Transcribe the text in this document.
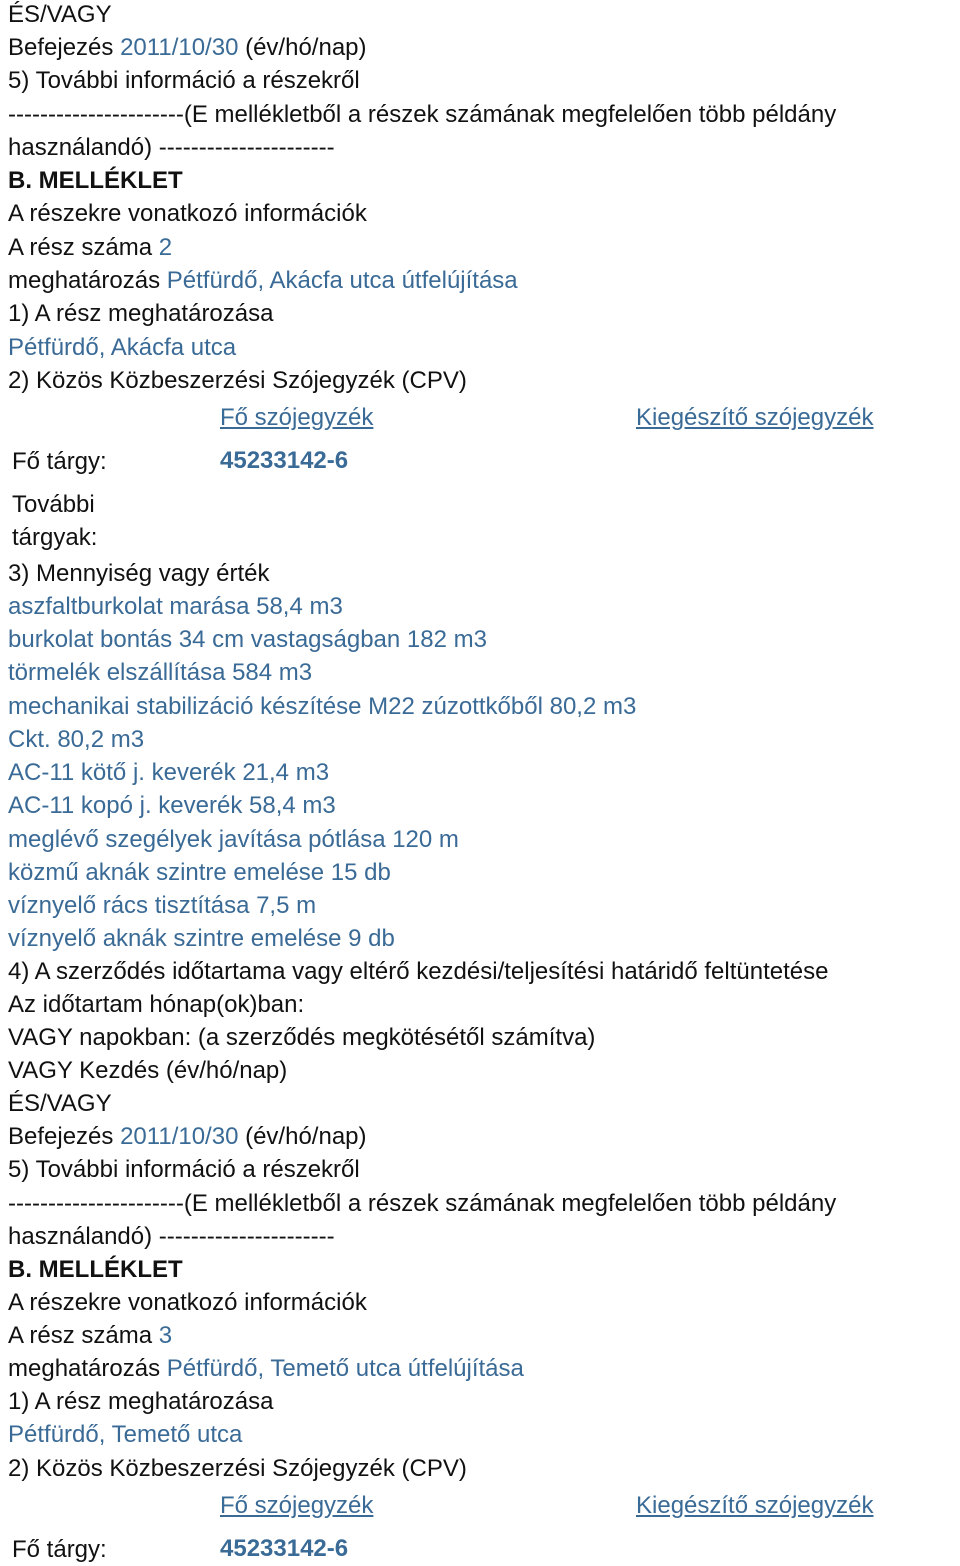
ÉS/VAGY
Befejezés 2011/10/30 (év/hó/nap)
5) További információ a részekről
----------------------(E mellékletből a részek számának megfelelően több példány
használandó) ----------------------
B. MELLÉKLET
A részekre vonatkozó információk
A rész száma 2
meghatározás Pétfürdő, Akácfa utca útfelújítása
1) A rész meghatározása
Pétfürdő, Akácfa utca
2) Közös Közbeszerzési Szójegyzék (CPV)
Fő szójegyzék	Kiegészítő szójegyzék
Fő tárgy:	45233142-6
További
tárgyak:
3) Mennyiség vagy érték
aszfaltburkolat marása 58,4 m3
burkolat bontás 34 cm vastagságban 182 m3
törmelék elszállítása 584 m3
mechanikai stabilizáció készítése M22 zúzottkőből 80,2 m3
Ckt. 80,2 m3
AC-11 kötő j. keverék 21,4 m3
AC-11 kopó j. keverék 58,4 m3
meglévő szegélyek javítása pótlása 120 m
közmű aknák szintre emelése 15 db
víznyelő rács tisztítása 7,5 m
víznyelő aknák szintre emelése 9 db
4) A szerződés időtartama vagy eltérő kezdési/teljesítési határidő feltüntetése
Az időtartam hónap(ok)ban:
VAGY napokban: (a szerződés megkötésétől számítva)
VAGY Kezdés (év/hó/nap)
ÉS/VAGY
Befejezés 2011/10/30 (év/hó/nap)
5) További információ a részekről
----------------------(E mellékletből a részek számának megfelelően több példány
használandó) ----------------------
B. MELLÉKLET
A részekre vonatkozó információk
A rész száma 3
meghatározás Pétfürdő, Temető utca útfelújítása
1) A rész meghatározása
Pétfürdő, Temető utca
2) Közös Közbeszerzési Szójegyzék (CPV)
Fő szójegyzék	Kiegészítő szójegyzék
Fő tárgy:	45233142-6
